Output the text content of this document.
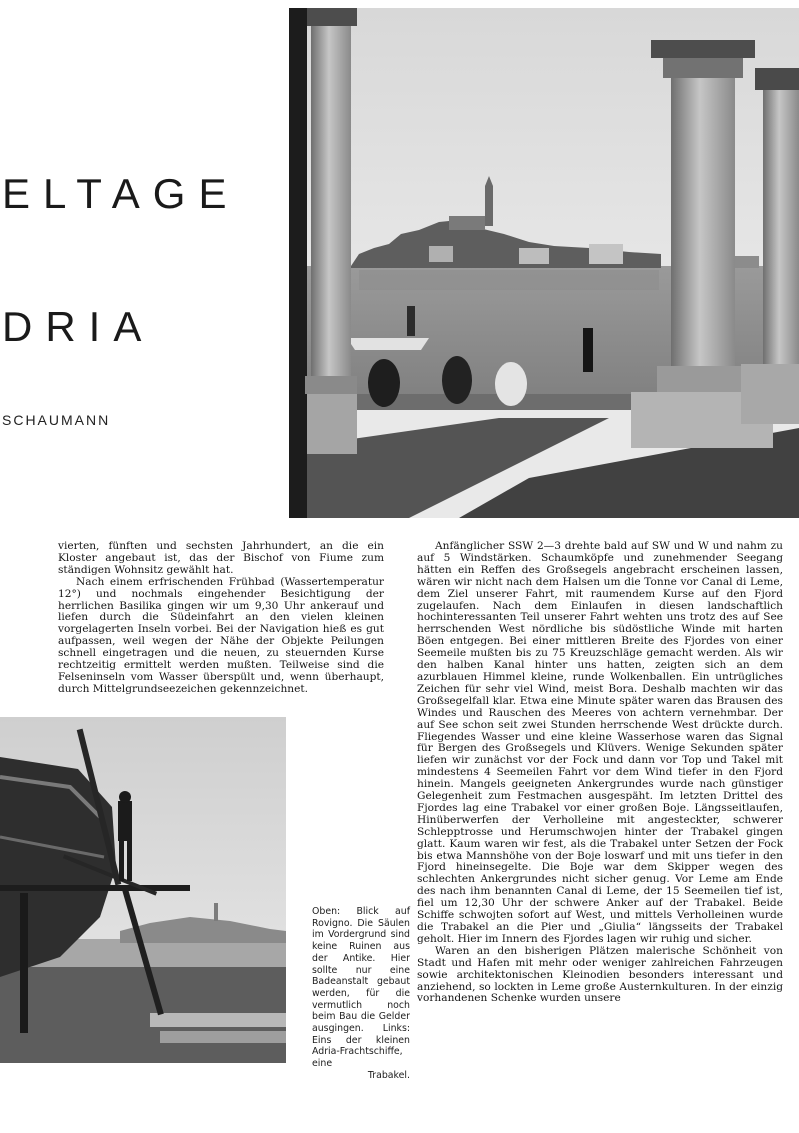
ELTAGE
DRIA
SCHAUMANN

vierten, fünften und sechsten Jahrhundert, an die ein Kloster angebaut ist, das der Bischof von Fiume zum ständigen Wohnsitz gewählt hat.

Nach einem erfrischenden Frühbad (Wassertemperatur 12°) und nochmals eingehender Besichtigung der herrlichen Basilika gingen wir um 9,30 Uhr ankerauf und liefen durch die Südeinfahrt an den vielen kleinen vorgelagerten Inseln vorbei. Bei der Navigation hieß es gut aufpassen, weil wegen der Nähe der Objekte Peilungen schnell eingetragen und die neuen, zu steuernden Kurse rechtzeitig ermittelt werden mußten. Teilweise sind die Felseninseln vom Wasser überspült und, wenn überhaupt, durch Mittelgrundseezeichen gekennzeichnet.

Anfänglicher SSW 2—3 drehte bald auf SW und W und nahm zu auf 5 Windstärken. Schaumköpfe und zunehmender Seegang hätten ein Reffen des Großsegels angebracht erscheinen lassen, wären wir nicht nach dem Halsen um die Tonne vor Canal di Leme, dem Ziel unserer Fahrt, mit raumendem Kurse auf den Fjord zugelaufen. Nach dem Einlaufen in diesen landschaftlich hochinteressanten Teil unserer Fahrt wehten uns trotz des auf See herrschenden West nördliche bis südöstliche Winde mit harten Böen entgegen. Bei einer mittleren Breite des Fjordes von einer Seemeile mußten bis zu 75 Kreuzschläge gemacht werden. Als wir den halben Kanal hinter uns hatten, zeigten sich an dem azurblauen Himmel kleine, runde Wolkenballen. Ein untrügliches Zeichen für sehr viel Wind, meist Bora. Deshalb machten wir das Großsegelfall klar. Etwa eine Minute später waren das Brausen des Windes und Rauschen des Meeres von achtern vernehmbar. Der auf See schon seit zwei Stunden herrschende West drückte durch. Fliegendes Wasser und eine kleine Wasserhose waren das Signal für Bergen des Großsegels und Klüvers. Wenige Sekunden später liefen wir zunächst vor der Fock und dann vor Top und Takel mit mindestens 4 Seemeilen Fahrt vor dem Wind tiefer in den Fjord hinein. Mangels geeigneten Ankergrundes wurde nach günstiger Gelegenheit zum Festmachen ausgespäht. Im letzten Drittel des Fjordes lag eine Trabakel vor einer großen Boje. Längsseitlaufen, Hinüberwerfen der Verholleine mit angesteckter, schwerer Schlepptrosse und Herumschwojen hinter der Trabakel gingen glatt. Kaum waren wir fest, als die Trabakel unter Setzen der Fock bis etwa Mannshöhe von der Boje loswarf und mit uns tiefer in den Fjord hineinsegelte. Die Boje war dem Skipper wegen des schlechten Ankergrundes nicht sicher genug. Vor Leme am Ende des nach ihm benannten Canal di Leme, der 15 Seemeilen tief ist, fiel um 12,30 Uhr der schwere Anker auf der Trabakel. Beide Schiffe schwojten sofort auf West, und mittels Verholleinen wurde die Trabakel an die Pier und „Giulia“ längsseits der Trabakel geholt. Hier im Innern des Fjordes lagen wir ruhig und sicher.

Waren an den bisherigen Plätzen malerische Schönheit von Stadt und Hafen mit mehr oder weniger zahlreichen Fahrzeugen sowie architektonischen Kleinodien besonders interessant und anziehend, so lockten in Leme große Austernkulturen. In der einzig vorhandenen Schenke wurden unsere

Oben: Blick auf Rovigno. Die Säulen im Vordergrund sind keine Ruinen aus der Antike. Hier sollte nur eine Badeanstalt gebaut werden, für die vermutlich noch beim Bau die Gelder ausgingen. Links: Eins der kleinen Adria-Frachtschiffe, eine
Trabakel.
